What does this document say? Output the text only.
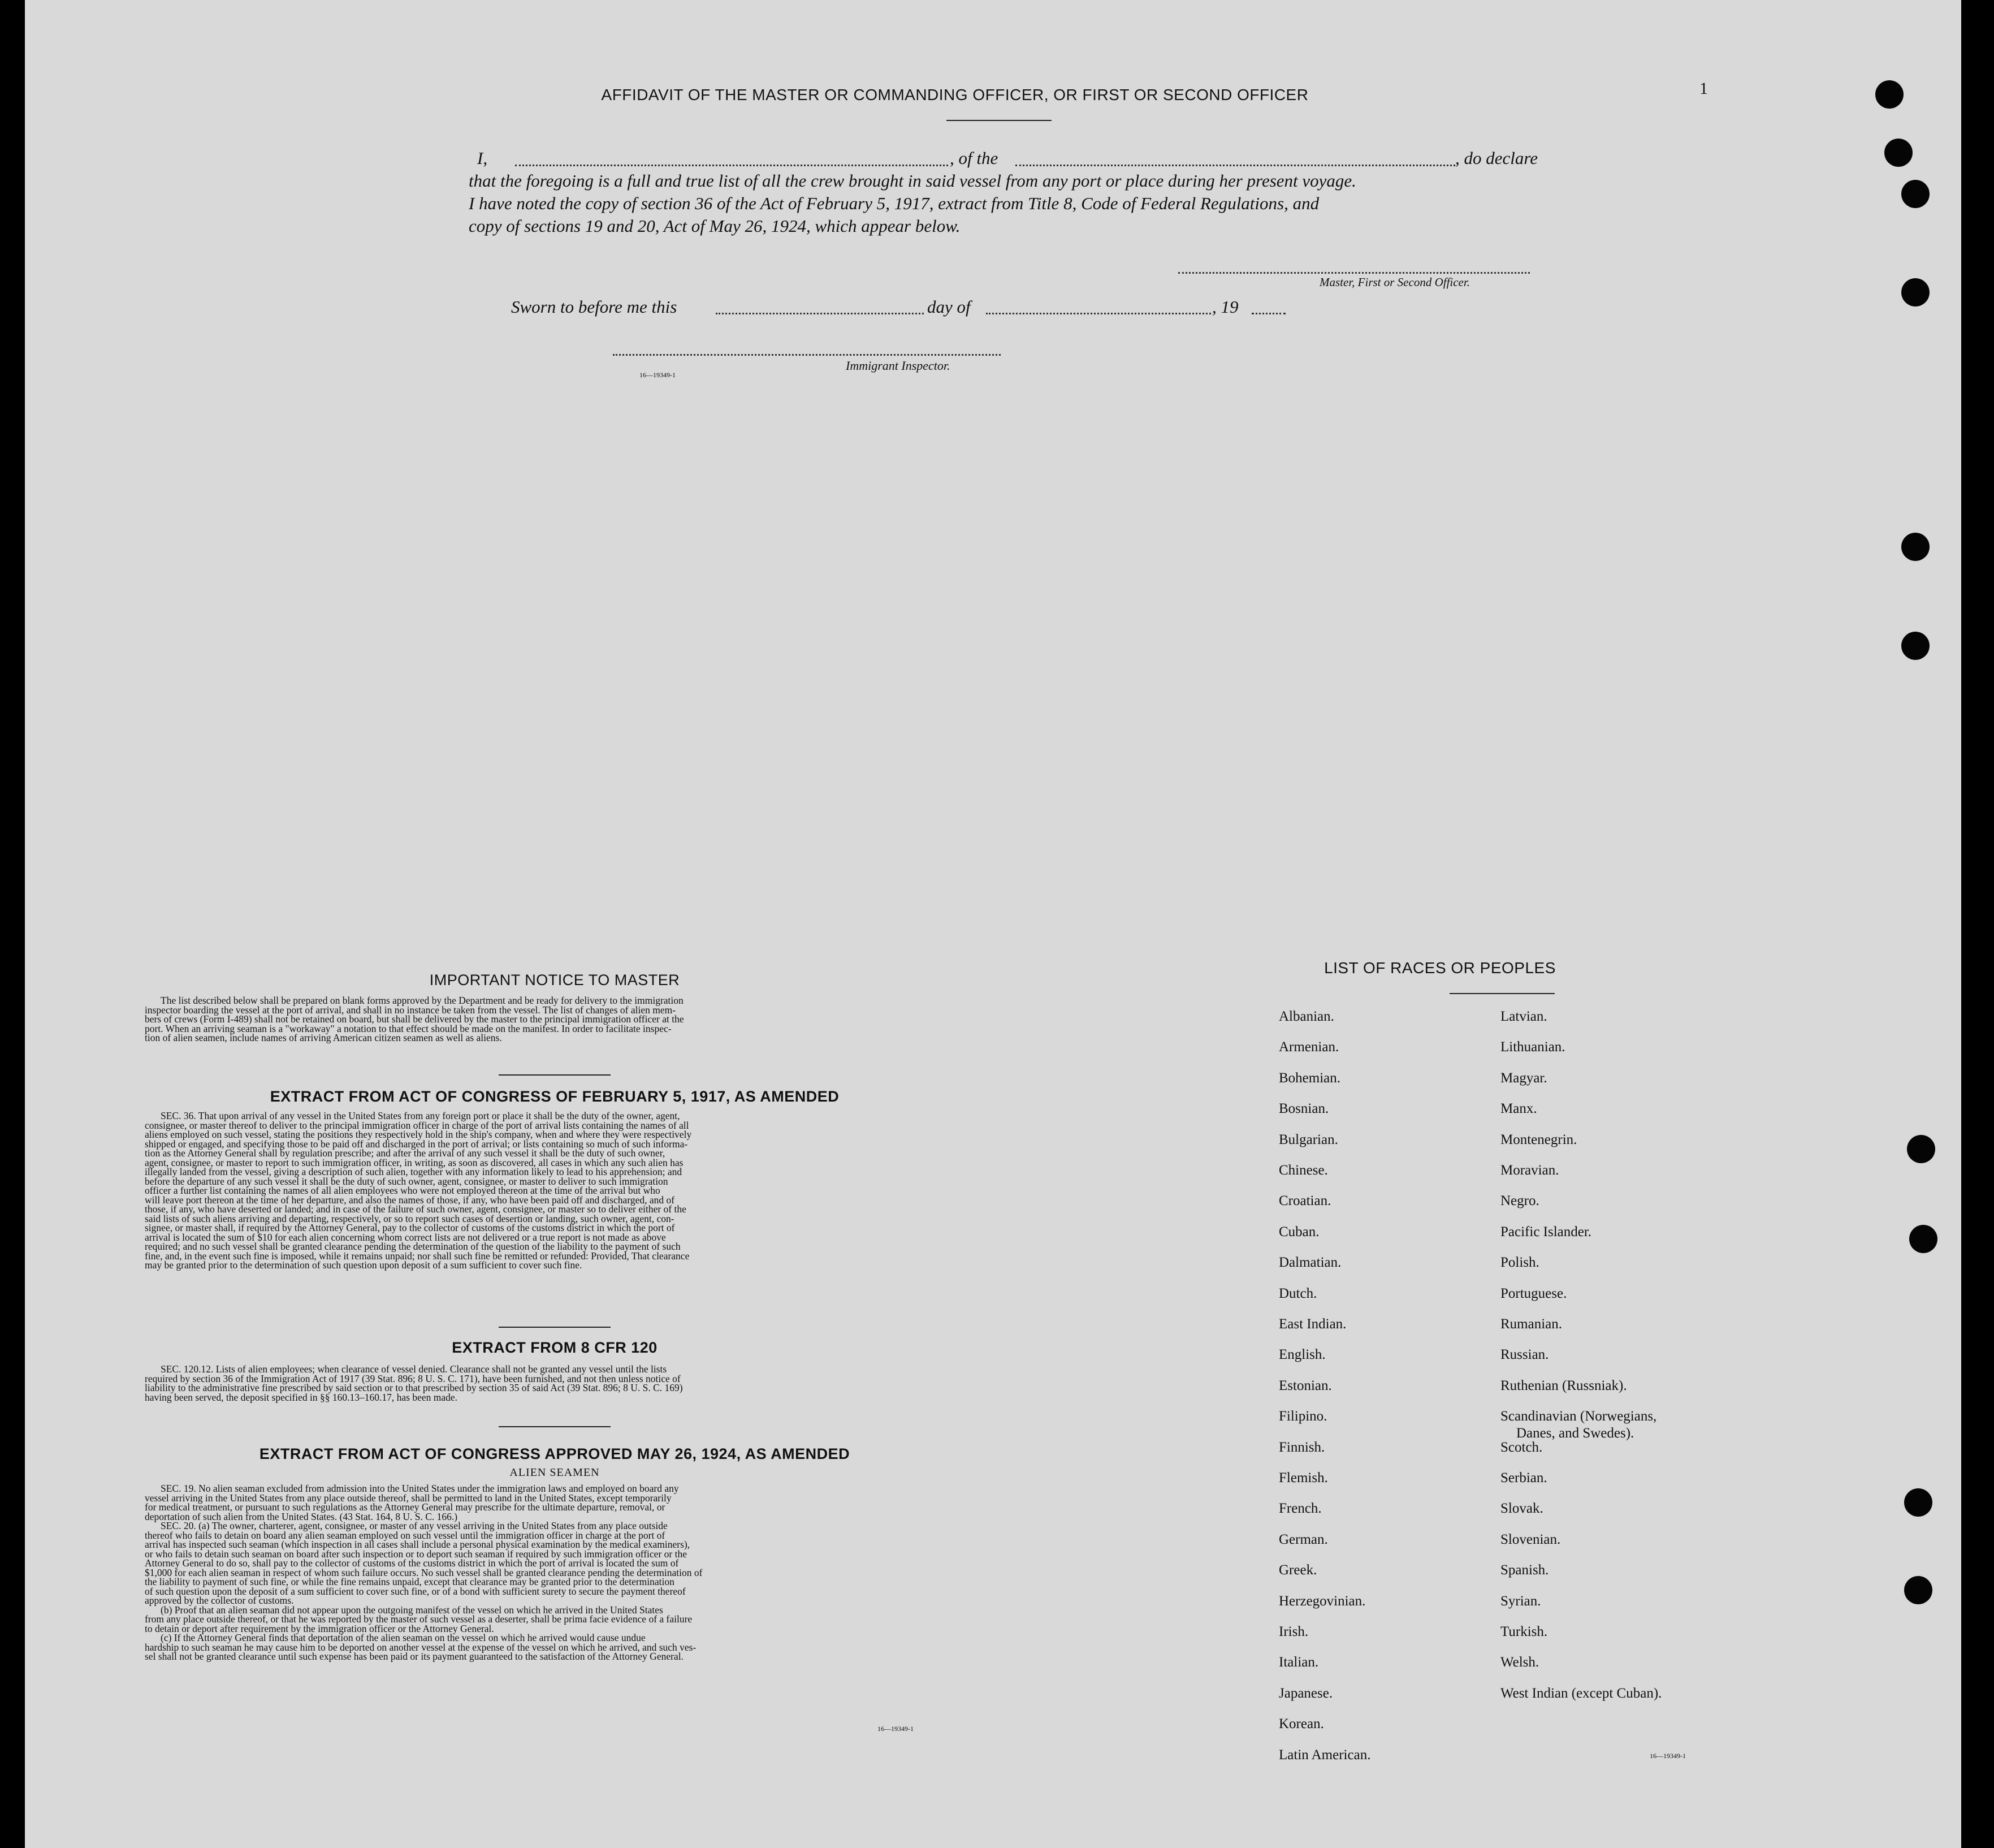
1
AFFIDAVIT OF THE MASTER OR COMMANDING OFFICER, OR FIRST OR SECOND OFFICER
I,	, of the	, do declare
that the foregoing is a full and true list of all the crew brought in said vessel from any port or place during her present voyage.
I have noted the copy of section 36 of the Act of February 5, 1917, extract from Title 8, Code of Federal Regulations, and
copy of sections 19 and 20, Act of May 26, 1924, which appear below.
Master, First or Second Officer.
Sworn to before me this	day of	, 19
16—19349-1
Immigrant Inspector.
IMPORTANT NOTICE TO MASTER
The list described below shall be prepared on blank forms approved by the Department and be ready for delivery to the immigration
inspector boarding the vessel at the port of arrival, and shall in no instance be taken from the vessel. The list of changes of alien mem-
bers of crews (Form I-489) shall not be retained on board, but shall be delivered by the master to the principal immigration officer at the
port. When an arriving seaman is a "workaway" a notation to that effect should be made on the manifest. In order to facilitate inspec-
tion of alien seamen, include names of arriving American citizen seamen as well as aliens.
EXTRACT FROM ACT OF CONGRESS OF FEBRUARY 5, 1917, AS AMENDED
SEC. 36. That upon arrival of any vessel in the United States from any foreign port or place it shall be the duty of the owner, agent,
consignee, or master thereof to deliver to the principal immigration officer in charge of the port of arrival lists containing the names of all
aliens employed on such vessel, stating the positions they respectively hold in the ship's company, when and where they were respectively
shipped or engaged, and specifying those to be paid off and discharged in the port of arrival; or lists containing so much of such informa-
tion as the Attorney General shall by regulation prescribe; and after the arrival of any such vessel it shall be the duty of such owner,
agent, consignee, or master to report to such immigration officer, in writing, as soon as discovered, all cases in which any such alien has
illegally landed from the vessel, giving a description of such alien, together with any information likely to lead to his apprehension; and
before the departure of any such vessel it shall be the duty of such owner, agent, consignee, or master to deliver to such immigration
officer a further list containing the names of all alien employees who were not employed thereon at the time of the arrival but who
will leave port thereon at the time of her departure, and also the names of those, if any, who have been paid off and discharged, and of
those, if any, who have deserted or landed; and in case of the failure of such owner, agent, consignee, or master so to deliver either of the
said lists of such aliens arriving and departing, respectively, or so to report such cases of desertion or landing, such owner, agent, con-
signee, or master shall, if required by the Attorney General, pay to the collector of customs of the customs district in which the port of
arrival is located the sum of $10 for each alien concerning whom correct lists are not delivered or a true report is not made as above
required; and no such vessel shall be granted clearance pending the determination of the question of the liability to the payment of such
fine, and, in the event such fine is imposed, while it remains unpaid; nor shall such fine be remitted or refunded: Provided, That clearance
may be granted prior to the determination of such question upon deposit of a sum sufficient to cover such fine.
EXTRACT FROM 8 CFR 120
SEC. 120.12. Lists of alien employees; when clearance of vessel denied. Clearance shall not be granted any vessel until the lists
required by section 36 of the Immigration Act of 1917 (39 Stat. 896; 8 U. S. C. 171), have been furnished, and not then unless notice of
liability to the administrative fine prescribed by said section or to that prescribed by section 35 of said Act (39 Stat. 896; 8 U. S. C. 169)
having been served, the deposit specified in §§ 160.13–160.17, has been made.
EXTRACT FROM ACT OF CONGRESS APPROVED MAY 26, 1924, AS AMENDED
ALIEN SEAMEN
SEC. 19. No alien seaman excluded from admission into the United States under the immigration laws and employed on board any
vessel arriving in the United States from any place outside thereof, shall be permitted to land in the United States, except temporarily
for medical treatment, or pursuant to such regulations as the Attorney General may prescribe for the ultimate departure, removal, or
deportation of such alien from the United States. (43 Stat. 164, 8 U. S. C. 166.)
SEC. 20. (a) The owner, charterer, agent, consignee, or master of any vessel arriving in the United States from any place outside
thereof who fails to detain on board any alien seaman employed on such vessel until the immigration officer in charge at the port of
arrival has inspected such seaman (which inspection in all cases shall include a personal physical examination by the medical examiners),
or who fails to detain such seaman on board after such inspection or to deport such seaman if required by such immigration officer or the
Attorney General to do so, shall pay to the collector of customs of the customs district in which the port of arrival is located the sum of
$1,000 for each alien seaman in respect of whom such failure occurs. No such vessel shall be granted clearance pending the determination of
the liability to payment of such fine, or while the fine remains unpaid, except that clearance may be granted prior to the determination
of such question upon the deposit of a sum sufficient to cover such fine, or of a bond with sufficient surety to secure the payment thereof
approved by the collector of customs.
(b) Proof that an alien seaman did not appear upon the outgoing manifest of the vessel on which he arrived in the United States
from any place outside thereof, or that he was reported by the master of such vessel as a deserter, shall be prima facie evidence of a failure
to detain or deport after requirement by the immigration officer or the Attorney General.
(c) If the Attorney General finds that deportation of the alien seaman on the vessel on which he arrived would cause undue
hardship to such seaman he may cause him to be deported on another vessel at the expense of the vessel on which he arrived, and such ves-
sel shall not be granted clearance until such expense has been paid or its payment guaranteed to the satisfaction of the Attorney General.
16—19349-1
LIST OF RACES OR PEOPLES
Albanian.
Armenian.
Bohemian.
Bosnian.
Bulgarian.
Chinese.
Croatian.
Cuban.
Dalmatian.
Dutch.
East Indian.
English.
Estonian.
Filipino.
Finnish.
Flemish.
French.
German.
Greek.
Herzegovinian.
Irish.
Italian.
Japanese.
Korean.
Latin American.
Latvian.
Lithuanian.
Magyar.
Manx.
Montenegrin.
Moravian.
Negro.
Pacific Islander.
Polish.
Portuguese.
Rumanian.
Russian.
Ruthenian (Russniak).
Scandinavian (Norwegians,
Danes, and Swedes).
Scotch.
Serbian.
Slovak.
Slovenian.
Spanish.
Syrian.
Turkish.
Welsh.
West Indian (except Cuban).
16—19349-1
